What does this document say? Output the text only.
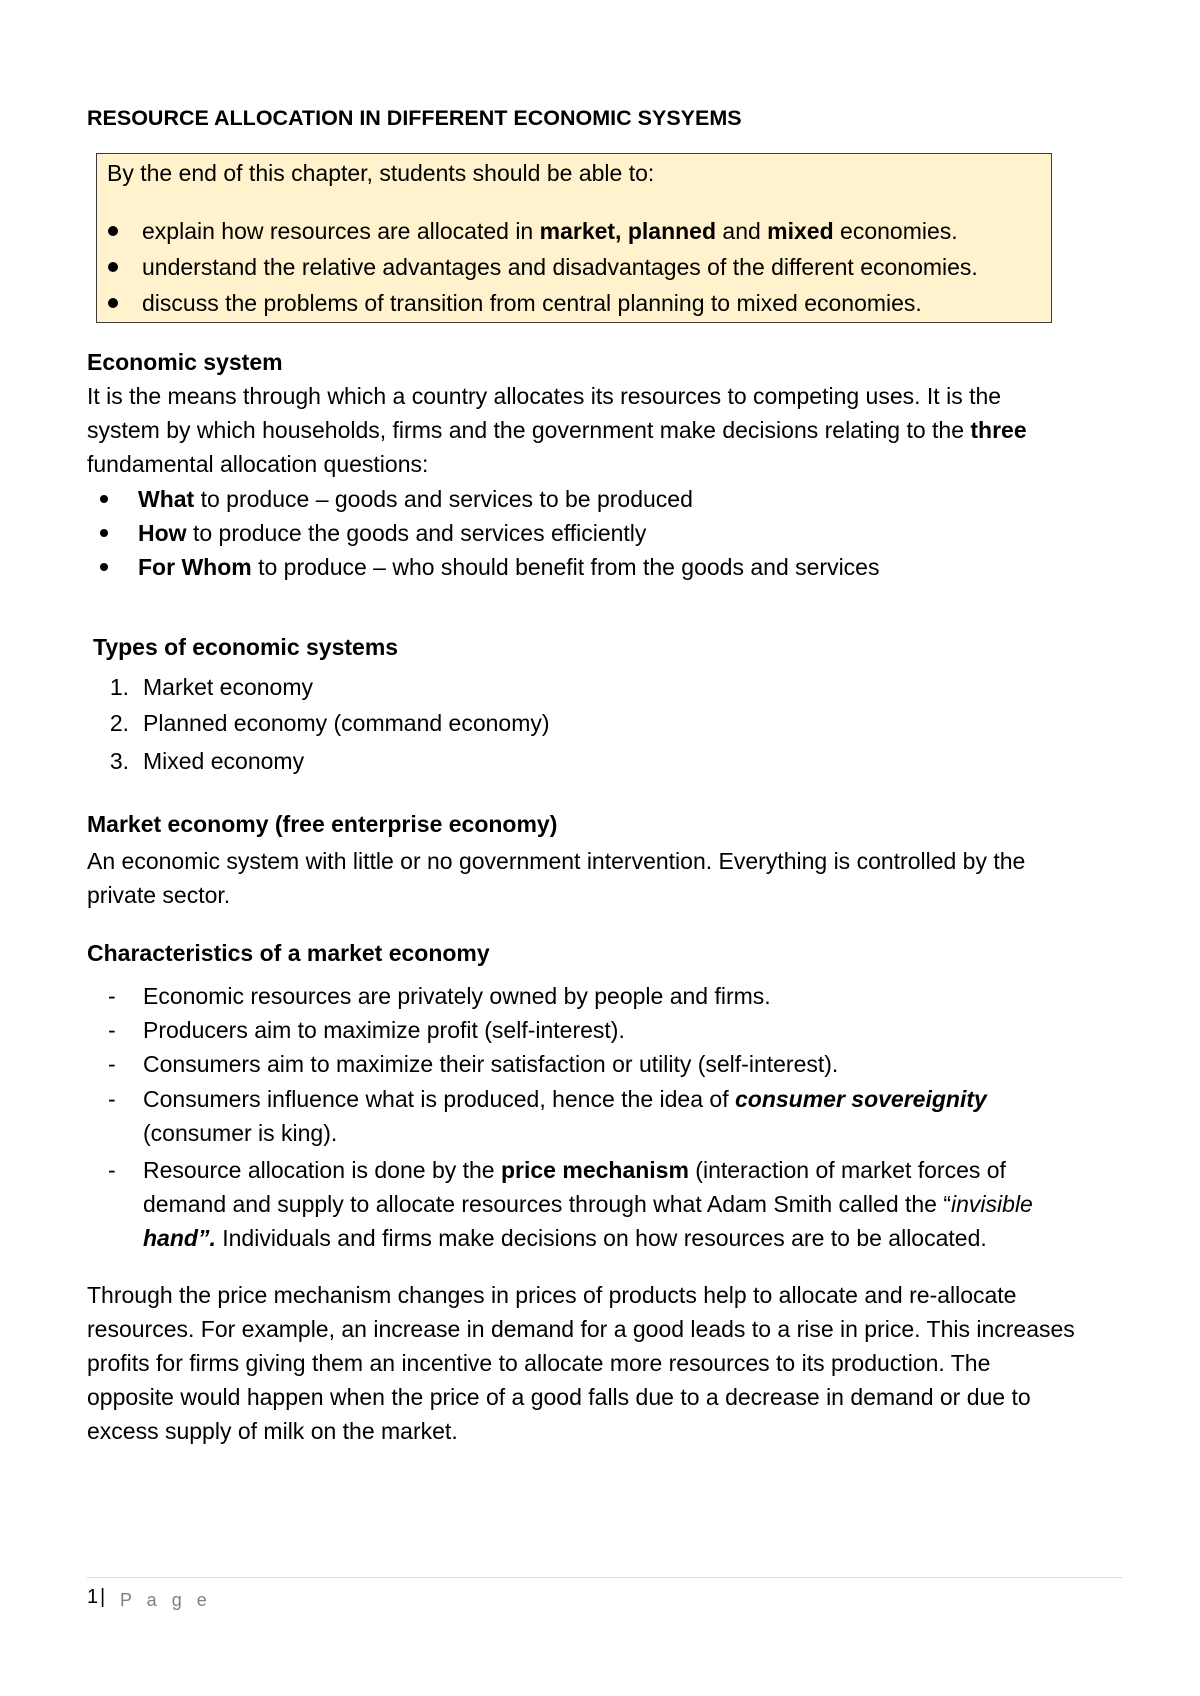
RESOURCE ALLOCATION IN DIFFERENT ECONOMIC SYSYEMS
By the end of this chapter, students should be able to:
explain how resources are allocated in market, planned and mixed economies.
understand the relative advantages and disadvantages of the different economies.
discuss the problems of transition from central planning to mixed economies.
Economic system
It is the means through which a country allocates its resources to competing uses. It is the
system by which households, firms and the government make decisions relating to the three
fundamental allocation questions:
What to produce – goods and services to be produced
How to produce the goods and services efficiently
For Whom to produce – who should benefit from the goods and services
Types of economic systems
1. Market economy
2. Planned economy (command economy)
3. Mixed economy
Market economy (free enterprise economy)
An economic system with little or no government intervention. Everything is controlled by the
private sector.
Characteristics of a market economy
- Economic resources are privately owned by people and firms.
- Producers aim to maximize profit (self-interest).
- Consumers aim to maximize their satisfaction or utility (self-interest).
- Consumers influence what is produced, hence the idea of consumer sovereignity
(consumer is king).
- Resource allocation is done by the price mechanism (interaction of market forces of
demand and supply to allocate resources through what Adam Smith called the “invisible
hand”. Individuals and firms make decisions on how resources are to be allocated.
Through the price mechanism changes in prices of products help to allocate and re-allocate
resources. For example, an increase in demand for a good leads to a rise in price. This increases
profits for firms giving them an incentive to allocate more resources to its production. The
opposite would happen when the price of a good falls due to a decrease in demand or due to
excess supply of milk on the market.
1 | P a g e
